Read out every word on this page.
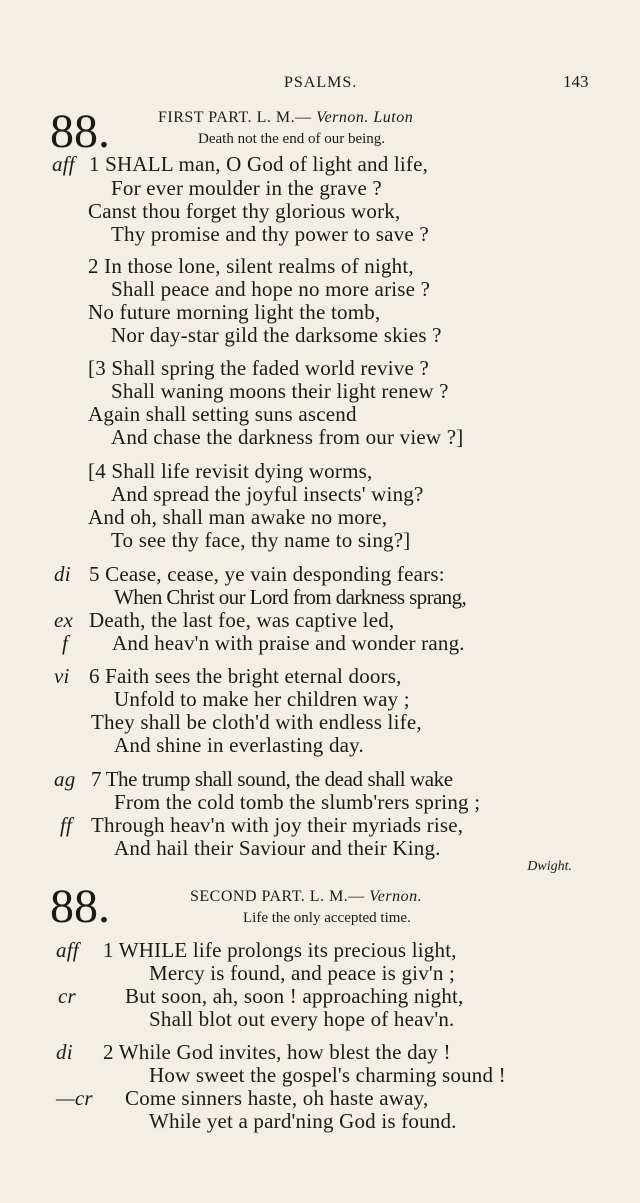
PSALMS.	143
88.	FIRST PART. L. M.— Vernon. Luton
Death not the end of our being.
aff 1 SHALL man, O God of light and life,
For ever moulder in the grave ?
Canst thou forget thy glorious work,
Thy promise and thy power to save ?
2 In those lone, silent realms of night,
Shall peace and hope no more arise ?
No future morning light the tomb,
Nor day-star gild the darksome skies ?
[3 Shall spring the faded world revive ?
Shall waning moons their light renew ?
Again shall setting suns ascend
And chase the darkness from our view ?]
[4 Shall life revisit dying worms,
And spread the joyful insects' wing?
And oh, shall man awake no more,
To see thy face, thy name to sing?]
di 5 Cease, cease, ye vain desponding fears:
When Christ our Lord from darkness sprang,
ex Death, the last foe, was captive led,
f And heav'n with praise and wonder rang.
vi 6 Faith sees the bright eternal doors,
Unfold to make her children way ;
They shall be cloth'd with endless life,
And shine in everlasting day.
ag 7 The trump shall sound, the dead shall wake
From the cold tomb the slumb'rers spring ;
ff Through heav'n with joy their myriads rise,
And hail their Saviour and their King.
Dwight.
88.	SECOND PART. L. M.— Vernon.
Life the only accepted time.
aff 1 WHILE life prolongs its precious light,
Mercy is found, and peace is giv'n ;
cr But soon, ah, soon ! approaching night,
Shall blot out every hope of heav'n.
di 2 While God invites, how blest the day !
How sweet the gospel's charming sound !
—cr Come sinners haste, oh haste away,
While yet a pard'ning God is found.
